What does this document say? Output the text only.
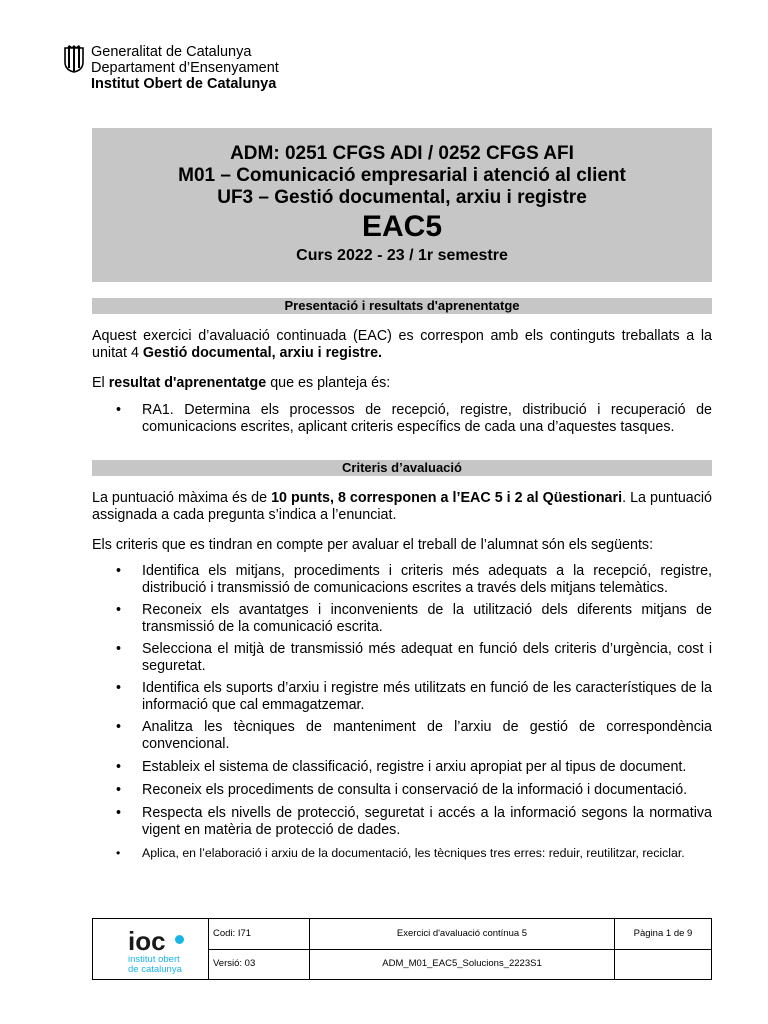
Generalitat de Catalunya
Departament d’Ensenyament
Institut Obert de Catalunya
ADM: 0251 CFGS ADI / 0252 CFGS AFI
M01 – Comunicació empresarial i atenció al client
UF3 – Gestió documental, arxiu i registre
EAC5
Curs 2022 - 23 / 1r semestre
Presentació i resultats d'aprenentatge
Aquest exercici d’avaluació continuada (EAC) es correspon amb els continguts treballats a la unitat 4 Gestió documental, arxiu i registre.
El resultat d'aprenentatge que es planteja és:
• RA1. Determina els processos de recepció, registre, distribució i recuperació de comunicacions escrites, aplicant criteris específics de cada una d’aquestes tasques.
Criteris d’avaluació
La puntuació màxima és de 10 punts, 8 corresponen a l’EAC 5 i 2 al Qüestionari. La puntuació assignada a cada pregunta s’indica a l’enunciat.
Els criteris que es tindran en compte per avaluar el treball de l’alumnat són els següents:
• Identifica els mitjans, procediments i criteris més adequats a la recepció, registre, distribució i transmissió de comunicacions escrites a través dels mitjans telemàtics.
• Reconeix els avantatges i inconvenients de la utilització dels diferents mitjans de transmissió de la comunicació escrita.
• Selecciona el mitjà de transmissió més adequat en funció dels criteris d’urgència, cost i seguretat.
• Identifica els suports d’arxiu i registre més utilitzats en funció de les característiques de la informació que cal emmagatzemar.
• Analitza les tècniques de manteniment de l’arxiu de gestió de correspondència convencional.
• Estableix el sistema de classificació, registre i arxiu apropiat per al tipus de document.
• Reconeix els procediments de consulta i conservació de la informació i documentació.
• Respecta els nivells de protecció, seguretat i accés a la informació segons la normativa vigent en matèria de protecció de dades.
• Aplica, en l’elaboració i arxiu de la documentació, les tècniques tres erres: reduir, reutilitzar, reciclar.
ioc
institut obert
de catalunya
Codi: I71
Versió: 03
Exercici d'avaluació contínua 5
ADM_M01_EAC5_Solucions_2223S1
Pàgina 1 de 9
